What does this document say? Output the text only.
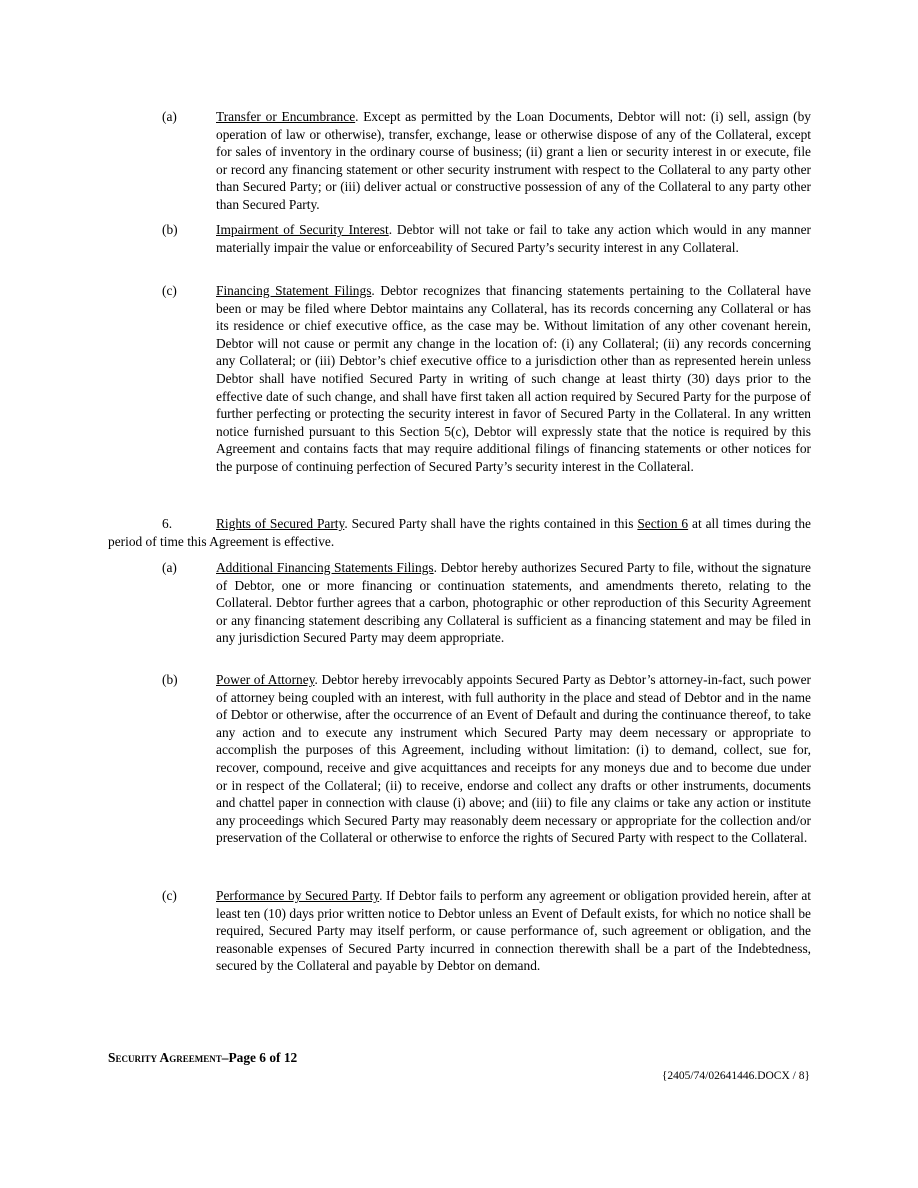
(a)	Transfer or Encumbrance. Except as permitted by the Loan Documents, Debtor will not: (i) sell, assign (by operation of law or otherwise), transfer, exchange, lease or otherwise dispose of any of the Collateral, except for sales of inventory in the ordinary course of business; (ii) grant a lien or security interest in or execute, file or record any financing statement or other security instrument with respect to the Collateral to any party other than Secured Party; or (iii) deliver actual or constructive possession of any of the Collateral to any party other than Secured Party.
(b)	Impairment of Security Interest. Debtor will not take or fail to take any action which would in any manner materially impair the value or enforceability of Secured Party’s security interest in any Collateral.
(c)	Financing Statement Filings. Debtor recognizes that financing statements pertaining to the Collateral have been or may be filed where Debtor maintains any Collateral, has its records concerning any Collateral or has its residence or chief executive office, as the case may be. Without limitation of any other covenant herein, Debtor will not cause or permit any change in the location of: (i) any Collateral; (ii) any records concerning any Collateral; or (iii) Debtor’s chief executive office to a jurisdiction other than as represented herein unless Debtor shall have notified Secured Party in writing of such change at least thirty (30) days prior to the effective date of such change, and shall have first taken all action required by Secured Party for the purpose of further perfecting or protecting the security interest in favor of Secured Party in the Collateral. In any written notice furnished pursuant to this Section 5(c), Debtor will expressly state that the notice is required by this Agreement and contains facts that may require additional filings of financing statements or other notices for the purpose of continuing perfection of Secured Party’s security interest in the Collateral.
6.	Rights of Secured Party. Secured Party shall have the rights contained in this Section 6 at all times during the period of time this Agreement is effective.
(a)	Additional Financing Statements Filings. Debtor hereby authorizes Secured Party to file, without the signature of Debtor, one or more financing or continuation statements, and amendments thereto, relating to the Collateral. Debtor further agrees that a carbon, photographic or other reproduction of this Security Agreement or any financing statement describing any Collateral is sufficient as a financing statement and may be filed in any jurisdiction Secured Party may deem appropriate.
(b)	Power of Attorney. Debtor hereby irrevocably appoints Secured Party as Debtor’s attorney-in-fact, such power of attorney being coupled with an interest, with full authority in the place and stead of Debtor and in the name of Debtor or otherwise, after the occurrence of an Event of Default and during the continuance thereof, to take any action and to execute any instrument which Secured Party may deem necessary or appropriate to accomplish the purposes of this Agreement, including without limitation: (i) to demand, collect, sue for, recover, compound, receive and give acquittances and receipts for any moneys due and to become due under or in respect of the Collateral; (ii) to receive, endorse and collect any drafts or other instruments, documents and chattel paper in connection with clause (i) above; and (iii) to file any claims or take any action or institute any proceedings which Secured Party may reasonably deem necessary or appropriate for the collection and/or preservation of the Collateral or otherwise to enforce the rights of Secured Party with respect to the Collateral.
(c)	Performance by Secured Party. If Debtor fails to perform any agreement or obligation provided herein, after at least ten (10) days prior written notice to Debtor unless an Event of Default exists, for which no notice shall be required, Secured Party may itself perform, or cause performance of, such agreement or obligation, and the reasonable expenses of Secured Party incurred in connection therewith shall be a part of the Indebtedness, secured by the Collateral and payable by Debtor on demand.
Security Agreement–Page 6 of 12
{2405/74/02641446.DOCX / 8}
